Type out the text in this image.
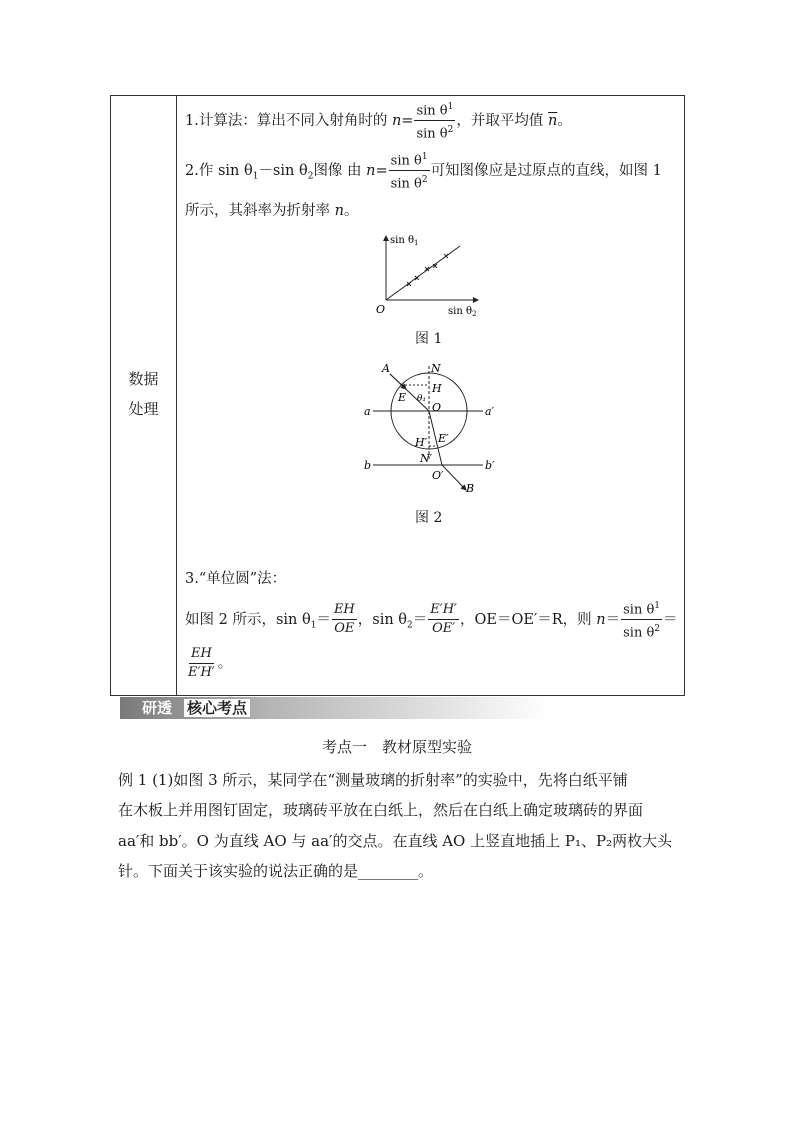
数据
处理
1.计算法：算出不同入射角时的 $n= \frac{\sin \theta^1}{\sin \theta^2}$ ，并取平均值 $\overline{n}$。
2.作 $\sin \theta_1-\sin$ $\theta_2$图像 由 $n= \frac{\sin \theta^1}{\sin \theta^2}$ 可知图像应是过原点的直线，如图 1
所示，其斜率为折射率 n。
$\sin \theta_1$
O	$\sin \theta_2$
图 1
A	N
H
E θ₁
O
a	a′
H′ E′
N′
b	b′
O′
B
图 2
3.“单位圆”法：
如图 2 所示，$\sin \theta_1= \frac{EH}{OE}$ ，$\sin \theta_2= \frac{E'H'}{OE'}$ ，OE＝OE′＝R，则 $n= \frac{\sin \theta^1}{\sin \theta^2}$ ＝
$\frac{EH}{E'H'}$ 。
研透 核心考点
考点一　教材原型实验
例 1 (1)如图 3 所示，某同学在“测量玻璃的折射率”的实验中，先将白纸平铺
在木板上并用图钉固定，玻璃砖平放在白纸上，然后在白纸上确定玻璃砖的界面
aa′和 bb′。O 为直线 AO 与 aa′的交点。在直线 AO 上竖直地插上 P₁、P₂两枚大头
针。下面关于该实验的说法正确的是________。
